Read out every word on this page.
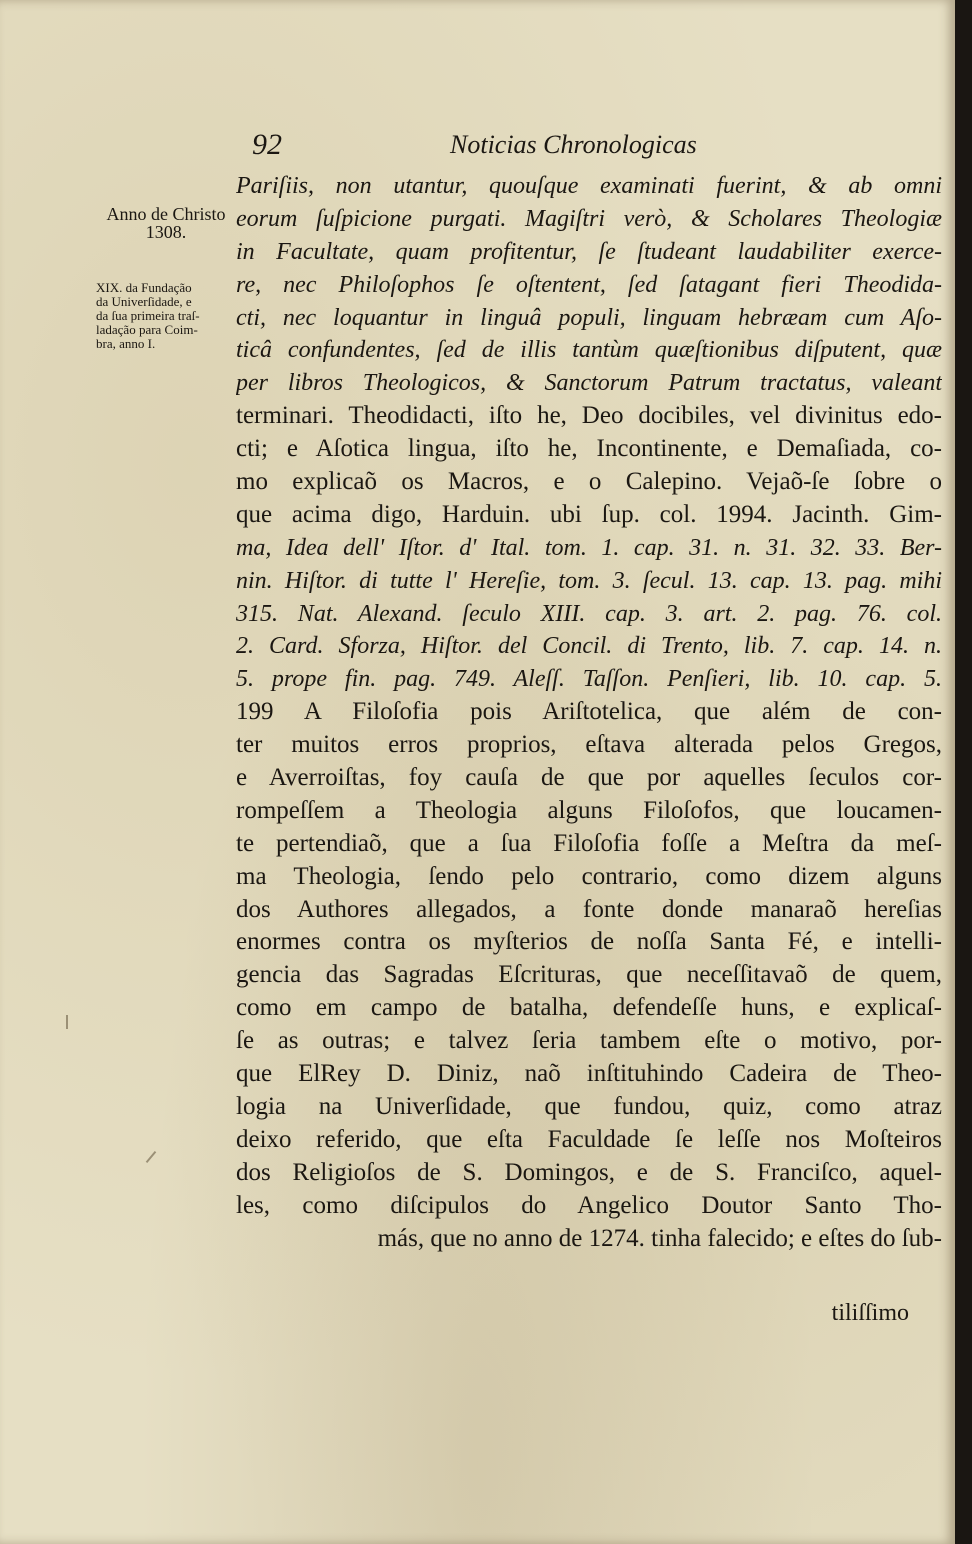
92	Noticias Chronologicas
Anno de Christo
1308.
XIX. da Fundação
da Univerſidade, e
da ſua primeira traſ-
ladação para Coim-
bra, anno I.
Pariſiis, non utantur, quouſque examinati fuerint, & ab omni
eorum ſuſpicione purgati. Magiſtri verò, & Scholares Theologiæ
in Facultate, quam profitentur, ſe ſtudeant laudabiliter exerce-
re, nec Philoſophos ſe oſtentent, ſed ſatagant fieri Theodida-
cti, nec loquantur in linguâ populi, linguam hebræam cum Aſo-
ticâ confundentes, ſed de illis tantùm quæſtionibus diſputent, quæ
per libros Theologicos, & Sanctorum Patrum tractatus, valeant
terminari. Theodidacti, iſto he, Deo docibiles, vel divinitus edo-
cti; e Aſotica lingua, iſto he, Incontinente, e Demaſiada, co-
mo explicaõ os Macros, e o Calepino. Vejaõ-ſe ſobre o
que acima digo, Harduin. ubi ſup. col. 1994. Jacinth. Gim-
ma, Idea dell' Iſtor. d' Ital. tom. 1. cap. 31. n. 31. 32. 33. Ber-
nin. Hiſtor. di tutte l' Hereſie, tom. 3. ſecul. 13. cap. 13. pag. mihi
315. Nat. Alexand. ſeculo XIII. cap. 3. art. 2. pag. 76. col.
2. Card. Sforza, Hiſtor. del Concil. di Trento, lib. 7. cap. 14. n.
5. prope fin. pag. 749. Aleſſ. Taſſon. Penſieri, lib. 10. cap. 5.
199 A Filoſofia pois Ariſtotelica, que além de con-
ter muitos erros proprios, eſtava alterada pelos Gregos,
e Averroiſtas, foy cauſa de que por aquelles ſeculos cor-
rompeſſem a Theologia alguns Filoſofos, que loucamen-
te pertendiaõ, que a ſua Filoſofia foſſe a Meſtra da meſ-
ma Theologia, ſendo pelo contrario, como dizem alguns
dos Authores allegados, a fonte donde manaraõ hereſias
enormes contra os myſterios de noſſa Santa Fé, e intelli-
gencia das Sagradas Eſcrituras, que neceſſitavaõ de quem,
como em campo de batalha, defendeſſe huns, e explicaſ-
ſe as outras; e talvez ſeria tambem eſte o motivo, por-
que ElRey D. Diniz, naõ inſtituhindo Cadeira de Theo-
logia na Univerſidade, que fundou, quiz, como atraz
deixo referido, que eſta Faculdade ſe leſſe nos Moſteiros
dos Religioſos de S. Domingos, e de S. Franciſco, aquel-
les, como diſcipulos do Angelico Doutor Santo Tho-
más, que no anno de 1274. tinha falecido; e eſtes do ſub-
tiliſſimo
